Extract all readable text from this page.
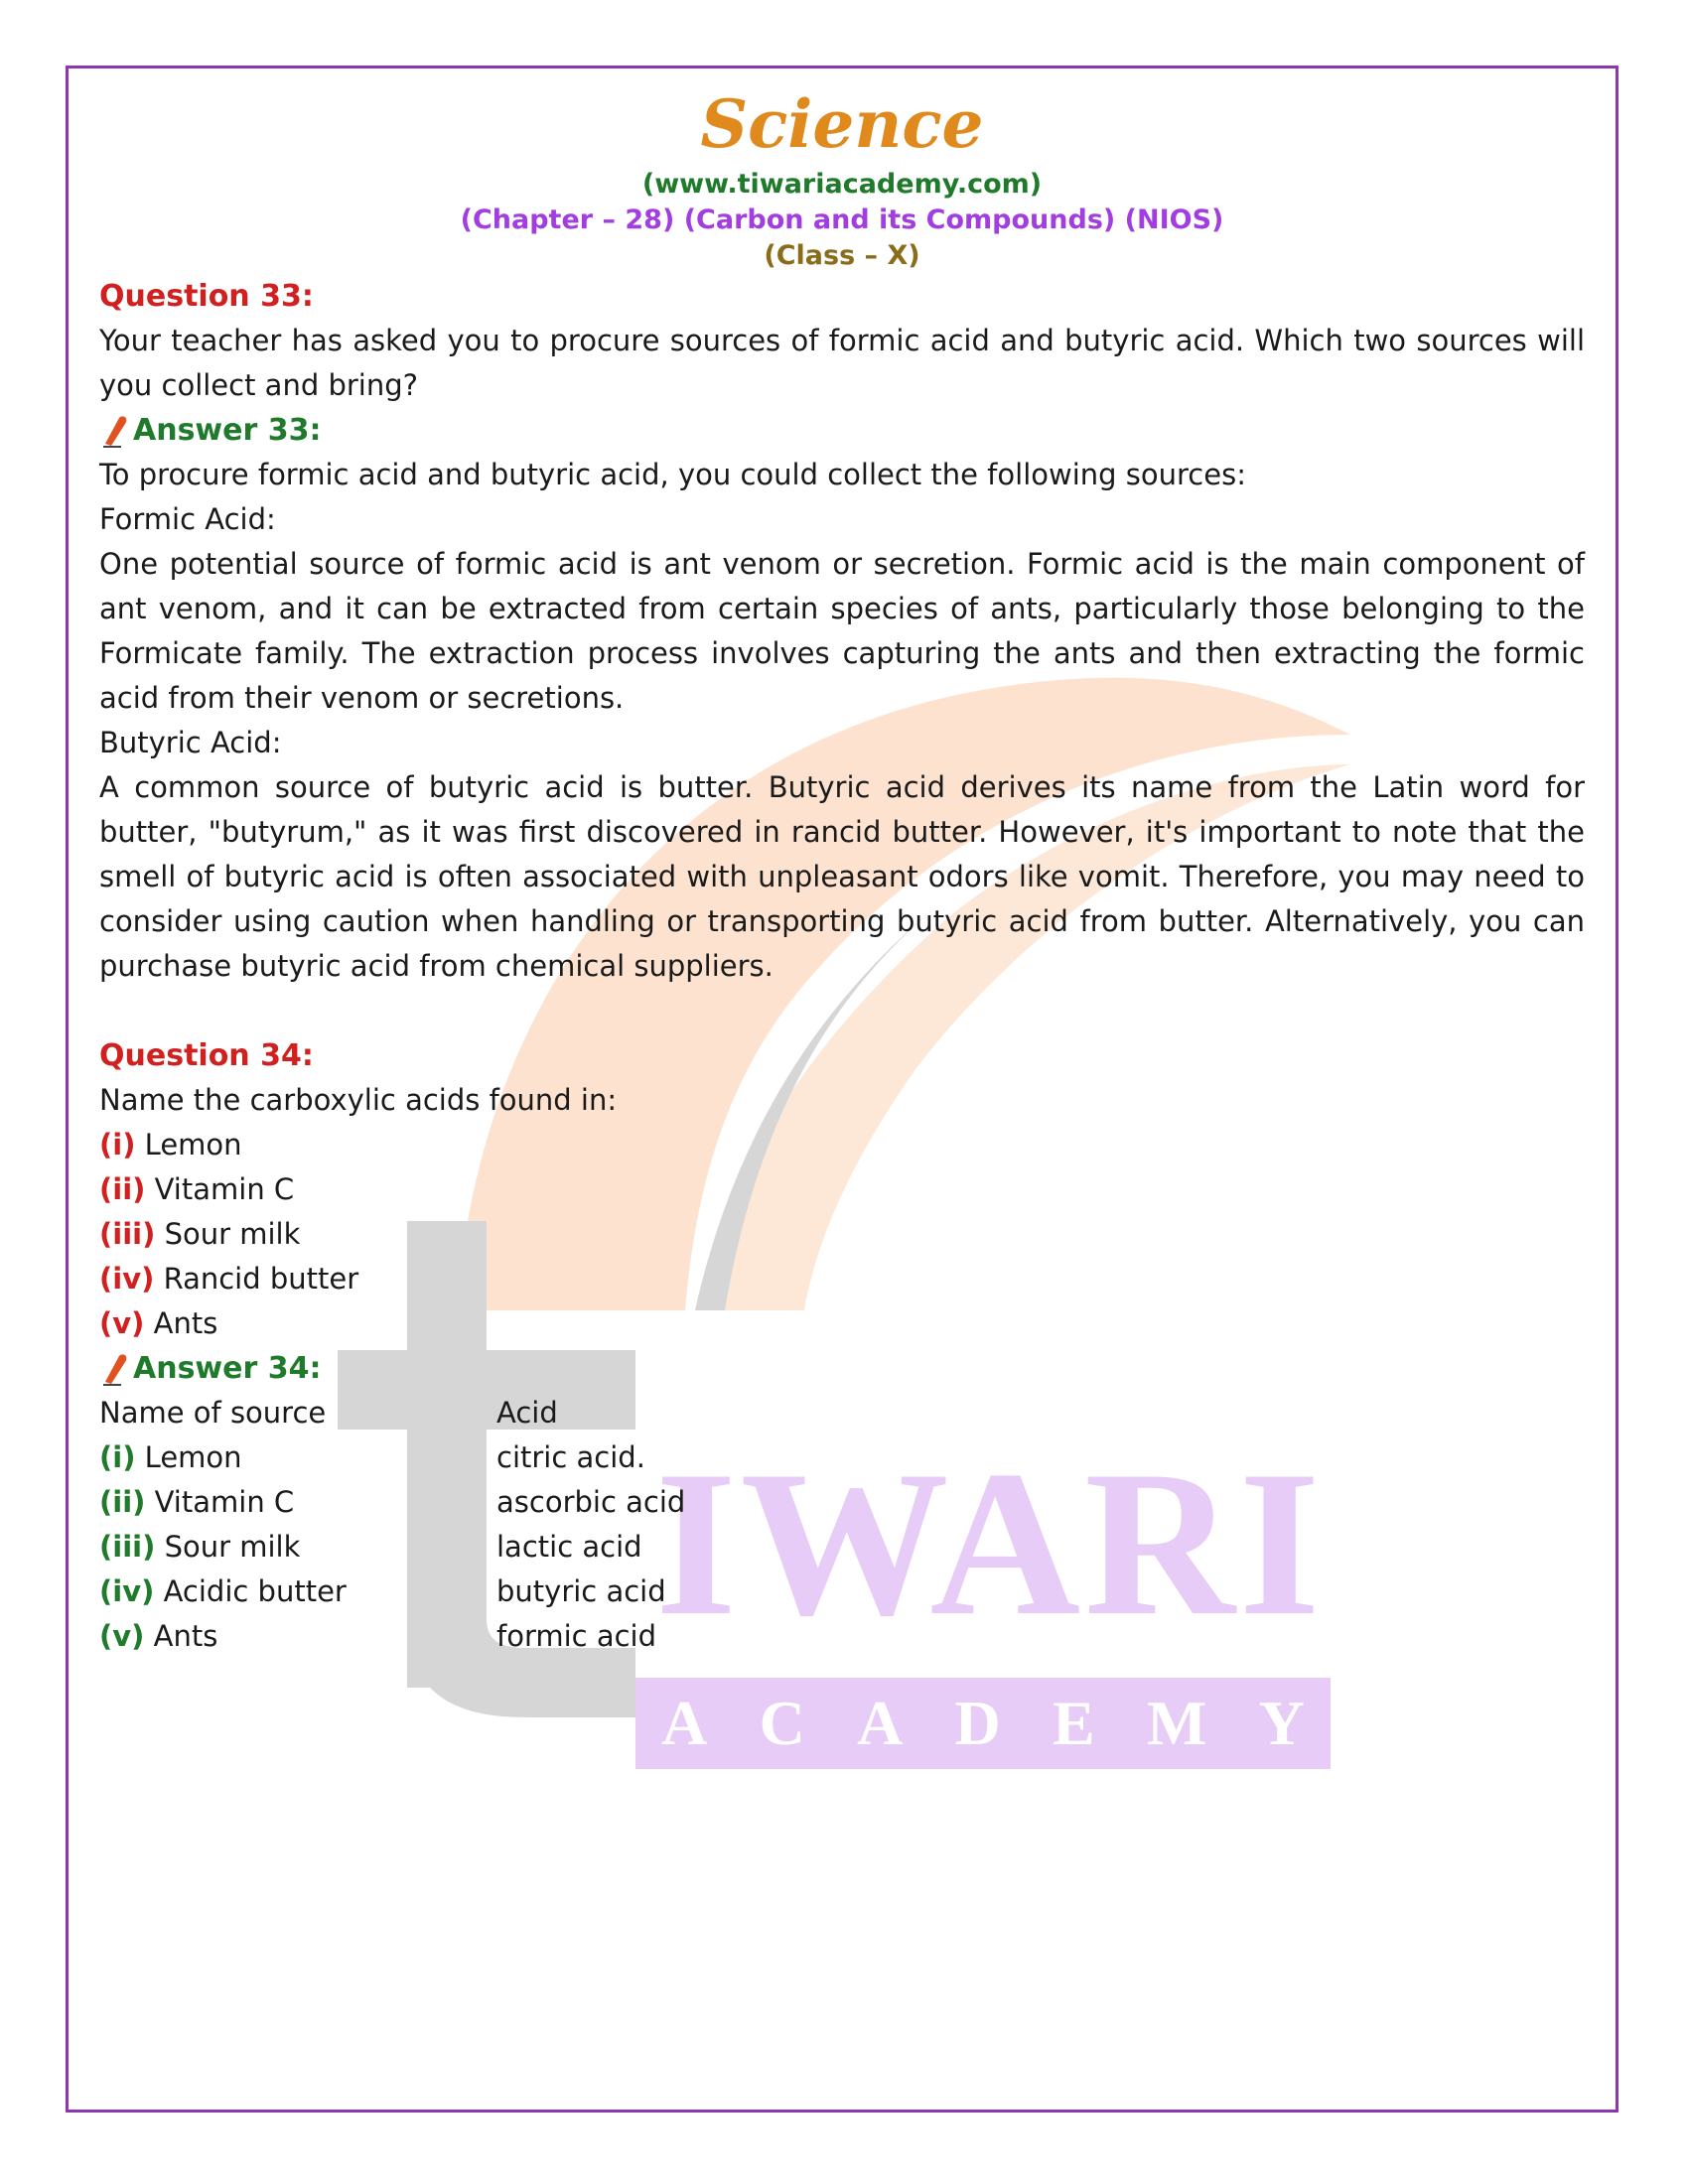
IWARI
A C A D E M Y
Science
(www.tiwariacademy.com)
(Chapter – 28) (Carbon and its Compounds) (NIOS)
(Class – X)
Question 33:

Your teacher has asked you to procure sources of formic acid and butyric acid. Which two sources will you collect and bring?

Answer 33:

To procure formic acid and butyric acid, you could collect the following sources:

Formic Acid:

One potential source of formic acid is ant venom or secretion. Formic acid is the main component of ant venom, and it can be extracted from certain species of ants, particularly those belonging to the Formicate family. The extraction process involves capturing the ants and then extracting the formic acid from their venom or secretions.

Butyric Acid:

A common source of butyric acid is butter. Butyric acid derives its name from the Latin word for butter, "butyrum," as it was first discovered in rancid butter. However, it's important to note that the smell of butyric acid is often associated with unpleasant odors like vomit. Therefore, you may need to consider using caution when handling or transporting butyric acid from butter. Alternatively, you can purchase butyric acid from chemical suppliers.

Question 34:

Name the carboxylic acids found in:

(i) Lemon
(ii) Vitamin C
(iii) Sour milk
(iv) Rancid butter
(v) Ants
Answer 34:
Name of source	Acid
(i) Lemon	citric acid.
(ii) Vitamin C	ascorbic acid
(iii) Sour milk	lactic acid
(iv) Acidic butter	butyric acid
(v) Ants	formic acid
